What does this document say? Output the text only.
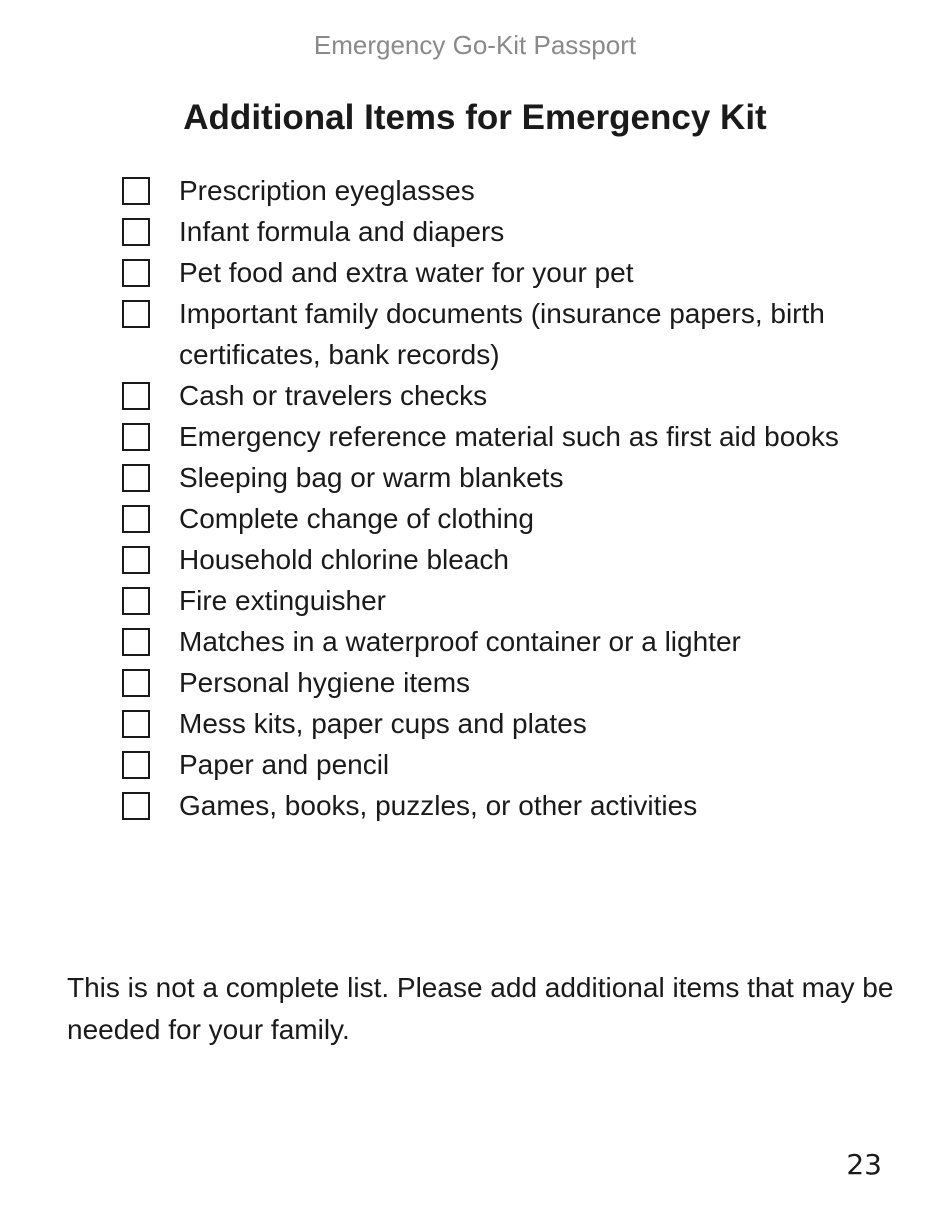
Emergency Go-Kit Passport
Additional Items for Emergency Kit
Prescription eyeglasses
Infant formula and diapers
Pet food and extra water for your pet
Important family documents (insurance papers, birth certificates, bank records)
Cash or travelers checks
Emergency reference material such as first aid books
Sleeping bag or warm blankets
Complete change of clothing
Household chlorine bleach
Fire extinguisher
Matches in a waterproof container or a lighter
Personal hygiene items
Mess kits, paper cups and plates
Paper and pencil
Games, books, puzzles, or other activities

This is not a complete list. Please add additional items that may be needed for your family.

23
